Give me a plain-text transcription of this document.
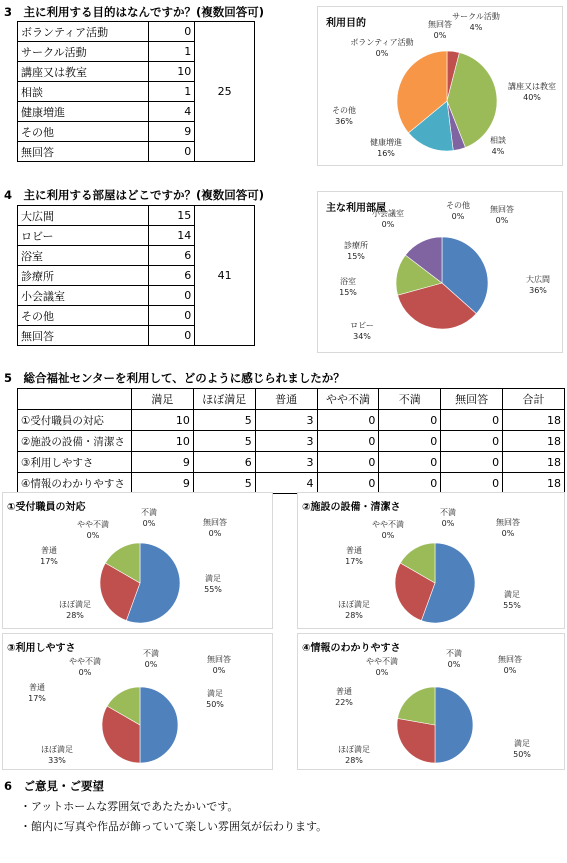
3　主に利用する目的はなんですか？(複数回答可)
ボランティア活動	0	25
サークル活動	1	
講座又は教室	10	
相談	1	
健康増進	4	
その他	9	
無回答	0	
利用目的
ボランティア活動 0%
サークル活動 4%
講座又は教室 40%
相談 4%
健康増進 16%
その他 36%
無回答 0%
4　主に利用する部屋はどこですか？(複数回答可)
大広間	15	41
ロビー	14	
浴室	6	
診療所	6	
小会議室	0	
その他	0	
無回答	0	
主な利用部屋
大広間 36%
ロビー 34%
浴室 15%
診療所 15%
小会議室 0%
その他 0%
無回答 0%
5　総合福祉センターを利用して、どのように感じられましたか？
	満足	ほぼ満足	普通	やや不満	不満	無回答	合計
①受付職員の対応	10	5	3	0	0	0	18
②施設の設備・清潔さ	10	5	3	0	0	0	18
③利用しやすさ	9	6	3	0	0	0	18
④情報のわかりやすさ	9	5	4	0	0	0	18
①受付職員の対応
満足 55%
ほぼ満足 28%
普通 17%
やや不満 0%
不満 0%	無回答 0%
②施設の設備・清潔さ
満足 55%
ほぼ満足 28%
普通 17%
やや不満 0%
不満 0%	無回答 0%
③利用しやすさ
満足 50%
ほぼ満足 33%
普通 17%
やや不満 0%
不満 0%
無回答 0%
④情報のわかりやすさ
満足 50%
ほぼ満足 28%
普通 22%
やや不満 0%
不満 0%
無回答 0%
6　ご意見・ご要望
・アットホームな雰囲気であたたかいです。
・館内に写真や作品が飾っていて楽しい雰囲気が伝わります。
